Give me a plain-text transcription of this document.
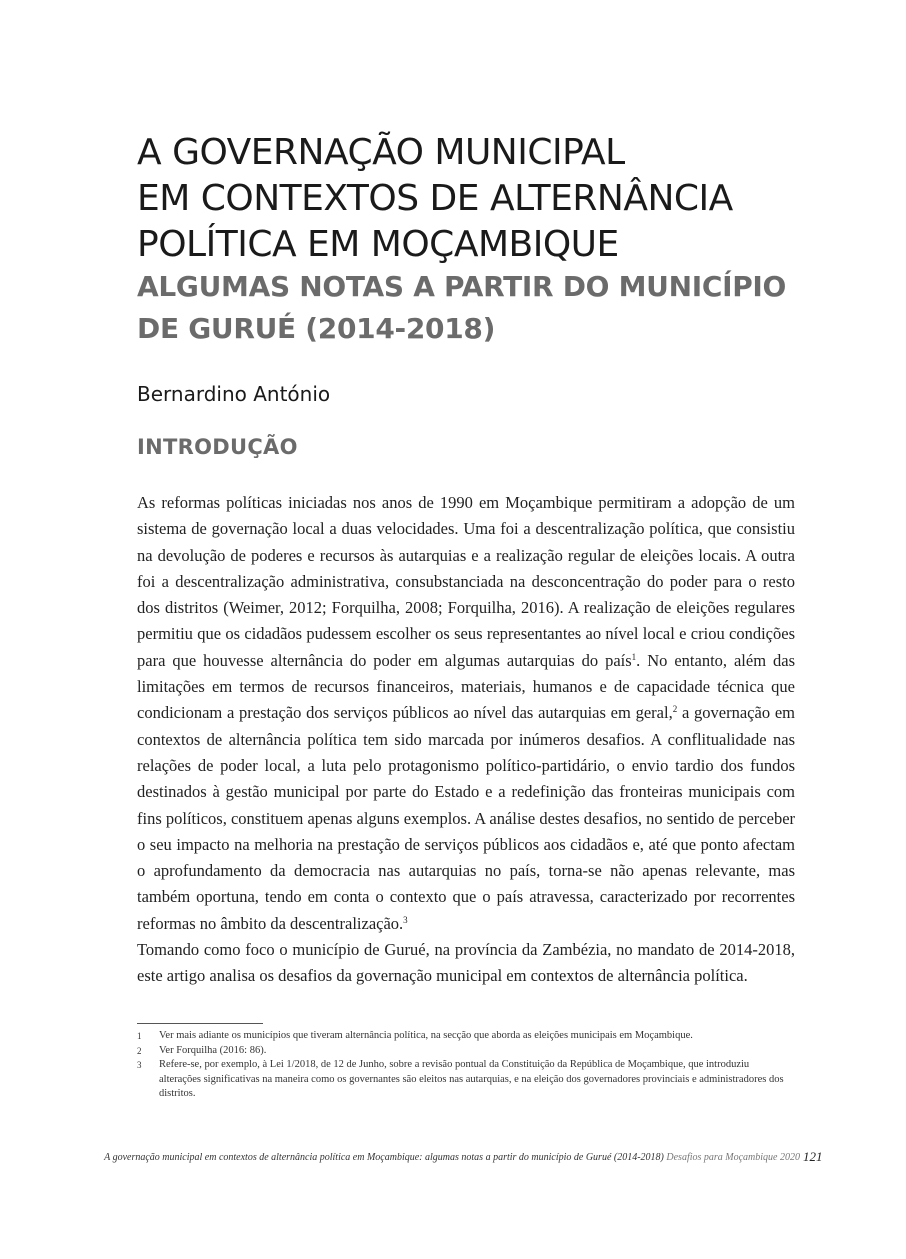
A GOVERNAÇÃO MUNICIPAL
EM CONTEXTOS DE ALTERNÂNCIA
POLÍTICA EM MOÇAMBIQUE
ALGUMAS NOTAS A PARTIR DO MUNICÍPIO
DE GURUÉ (2014-2018)
Bernardino António
INTRODUÇÃO

As reformas políticas iniciadas nos anos de 1990 em Moçambique permitiram a adopção de um sistema de governação local a duas velocidades. Uma foi a descentralização política, que consistiu na devolução de poderes e recursos às autarquias e a realização regular de eleições locais. A outra foi a descentralização administrativa, consubstanciada na desconcentração do poder para o resto dos distritos (Weimer, 2012; Forquilha, 2008; Forquilha, 2016). A realização de eleições regulares permitiu que os cidadãos pudessem escolher os seus representantes ao nível local e criou condições para que houvesse alternância do poder em algumas autarquias do país$^1$. No entanto, além das limitações em termos de recursos financeiros, materiais, humanos e de capacidade técnica que condicionam a prestação dos serviços públicos ao nível das autarquias em geral,$^2$ a governação em contextos de alternância política tem sido marcada por inúmeros desafios. A conflitualidade nas relações de poder local, a luta pelo protagonismo político-partidário, o envio tardio dos fundos destinados à gestão municipal por parte do Estado e a redefinição das fronteiras municipais com fins políticos, constituem apenas alguns exemplos. A análise destes desafios, no sentido de perceber o seu impacto na melhoria na prestação de serviços públicos aos cidadãos e, até que ponto afectam o aprofundamento da democracia nas autarquias no país, torna-se não apenas relevante, mas também oportuna, tendo em conta o contexto que o país atravessa, caracterizado por recorrentes reformas no âmbito da descentralização.$^3$

Tomando como foco o município de Gurué, na província da Zambézia, no mandato de 2014-2018, este artigo analisa os desafios da governação municipal em contextos de alternância política.

1 Ver mais adiante os municípios que tiveram alternância política, na secção que aborda as eleições municipais em Moçambique.
2 Ver Forquilha (2016: 86).
3 Refere-se, por exemplo, à Lei 1/2018, de 12 de Junho, sobre a revisão pontual da Constituição da República de Moçambique, que introduziu alterações significativas na maneira como os governantes são eleitos nas autarquias, e na eleição dos governadores provinciais e administradores dos distritos.
A governação municipal em contextos de alternância política em Moçambique: algumas notas a partir do município de Gurué (2014-2018) Desafios para Moçambique 2020 121
